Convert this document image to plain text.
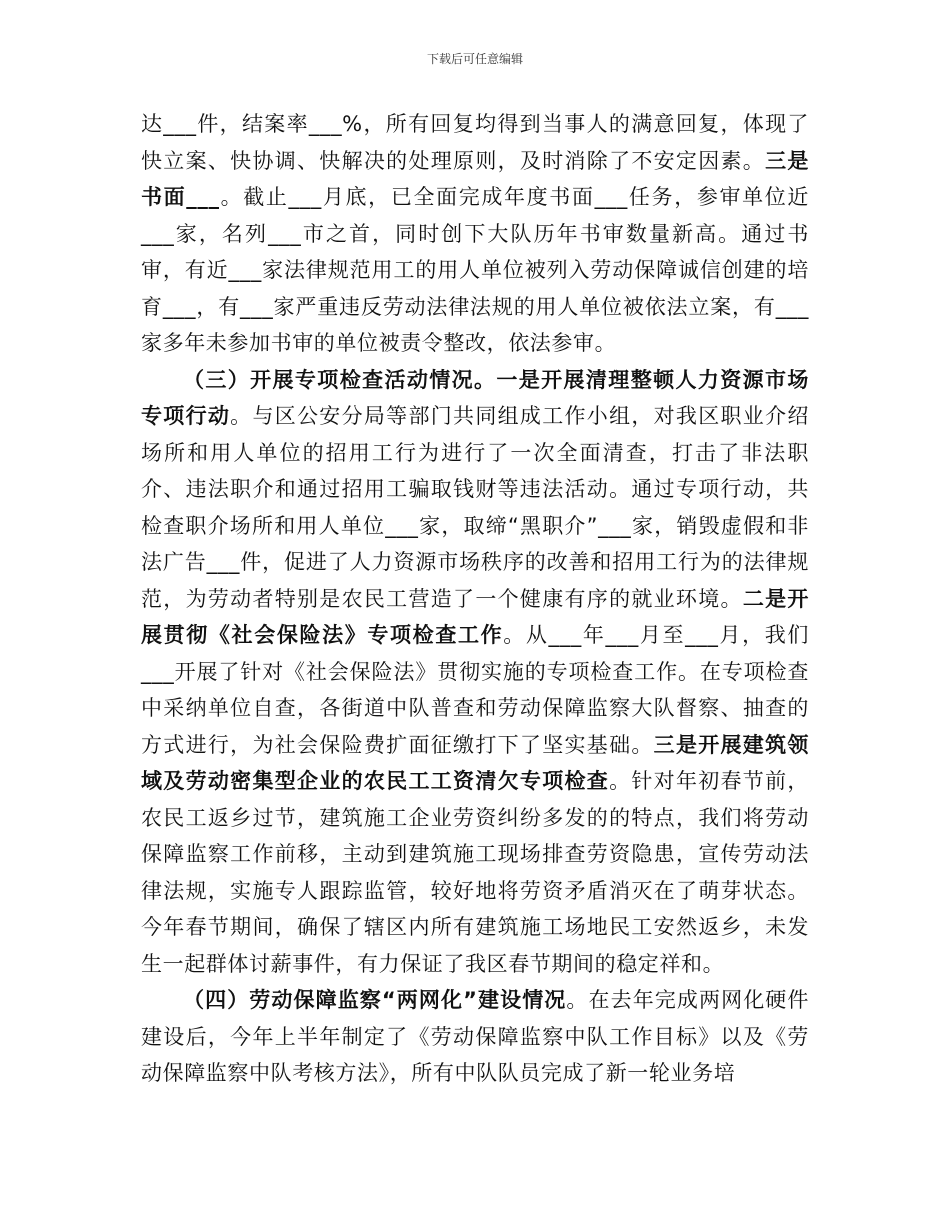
下载后可任意编辑

达___件，结案率___%，所有回复均得到当事人的满意回复，体现了快立案、快协调、快解决的处理原则，及时消除了不安定因素。三是书面___。截止___月底，已全面完成年度书面___任务，参审单位近___家，名列___市之首，同时创下大队历年书审数量新高。通过书审，有近___家法律规范用工的用人单位被列入劳动保障诚信创建的培育___，有___家严重违反劳动法律法规的用人单位被依法立案，有___家多年未参加书审的单位被责令整改，依法参审。

（三）开展专项检查活动情况。一是开展清理整顿人力资源市场专项行动。与区公安分局等部门共同组成工作小组，对我区职业介绍场所和用人单位的招用工行为进行了一次全面清查，打击了非法职介、违法职介和通过招用工骗取钱财等违法活动。通过专项行动，共检查职介场所和用人单位___家，取缔“黑职介”___家，销毁虚假和非法广告___件，促进了人力资源市场秩序的改善和招用工行为的法律规范，为劳动者特别是农民工营造了一个健康有序的就业环境。二是开展贯彻《社会保险法》专项检查工作。从___年___月至___月，我们___开展了针对《社会保险法》贯彻实施的专项检查工作。在专项检查中采纳单位自查，各街道中队普查和劳动保障监察大队督察、抽查的方式进行，为社会保险费扩面征缴打下了坚实基础。三是开展建筑领域及劳动密集型企业的农民工工资清欠专项检查。针对年初春节前，农民工返乡过节，建筑施工企业劳资纠纷多发的的特点，我们将劳动保障监察工作前移，主动到建筑施工现场排查劳资隐患，宣传劳动法律法规，实施专人跟踪监管，较好地将劳资矛盾消灭在了萌芽状态。今年春节期间，确保了辖区内所有建筑施工场地民工安然返乡，未发生一起群体讨薪事件，有力保证了我区春节期间的稳定祥和。

（四）劳动保障监察“两网化”建设情况。在去年完成两网化硬件建设后，今年上半年制定了《劳动保障监察中队工作目标》以及《劳动保障监察中队考核方法》，所有中队队员完成了新一轮业务培
